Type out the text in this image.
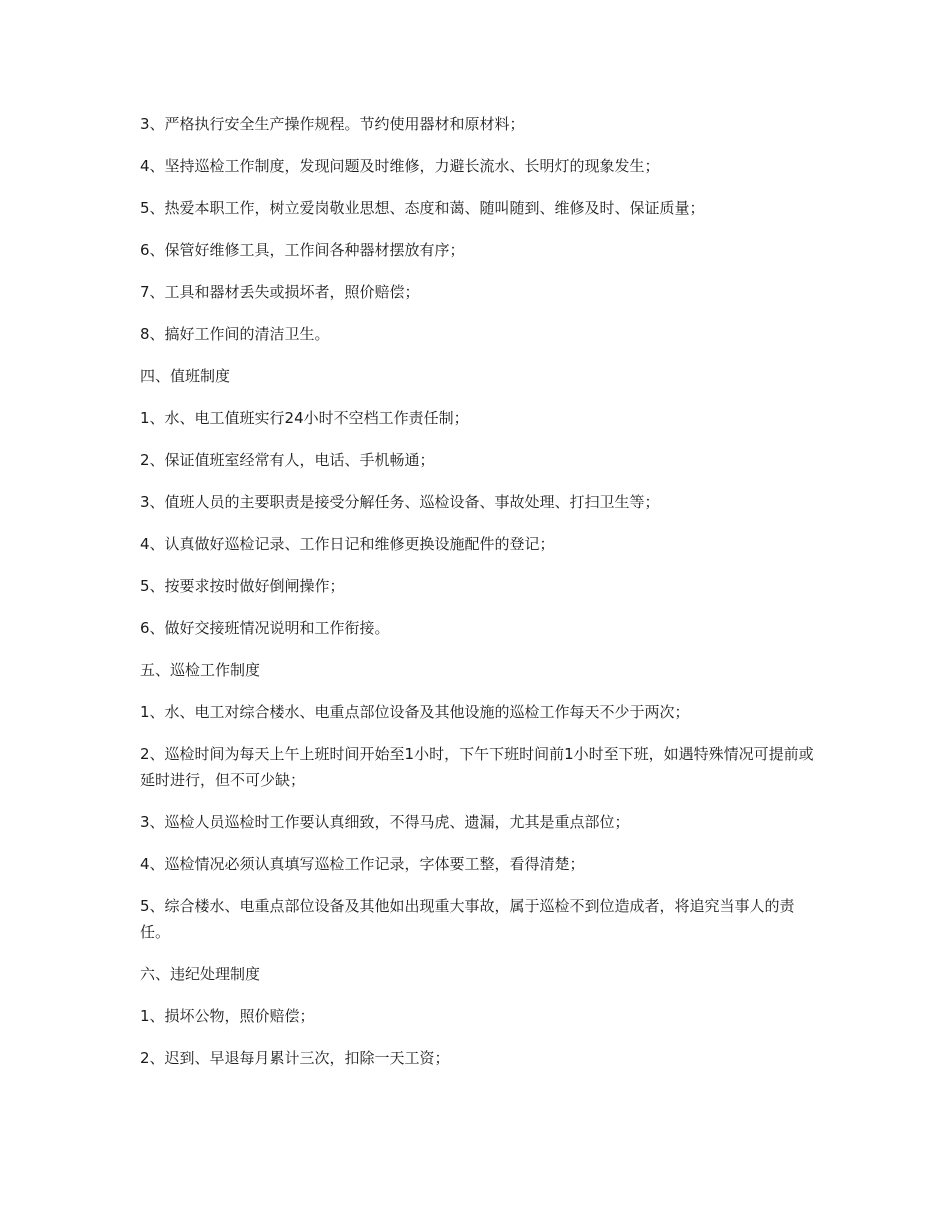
3、严格执行安全生产操作规程。节约使用器材和原材料；

4、坚持巡检工作制度，发现问题及时维修，力避长流水、长明灯的现象发生；

5、热爱本职工作，树立爱岗敬业思想、态度和蔼、随叫随到、维修及时、保证质量；

6、保管好维修工具，工作间各种器材摆放有序；

7、工具和器材丢失或损坏者，照价赔偿；

8、搞好工作间的清洁卫生。

四、值班制度

1、水、电工值班实行24小时不空档工作责任制；

2、保证值班室经常有人，电话、手机畅通；

3、值班人员的主要职责是接受分解任务、巡检设备、事故处理、打扫卫生等；

4、认真做好巡检记录、工作日记和维修更换设施配件的登记；

5、按要求按时做好倒闸操作；

6、做好交接班情况说明和工作衔接。

五、巡检工作制度

1、水、电工对综合楼水、电重点部位设备及其他设施的巡检工作每天不少于两次；

2、巡检时间为每天上午上班时间开始至1小时，下午下班时间前1小时至下班，如遇特殊情况可提前或延时进行，但不可少缺；

3、巡检人员巡检时工作要认真细致，不得马虎、遗漏，尤其是重点部位；

4、巡检情况必须认真填写巡检工作记录，字体要工整，看得清楚；

5、综合楼水、电重点部位设备及其他如出现重大事故，属于巡检不到位造成者，将追究当事人的责任。

六、违纪处理制度

1、损坏公物，照价赔偿；

2、迟到、早退每月累计三次，扣除一天工资；
